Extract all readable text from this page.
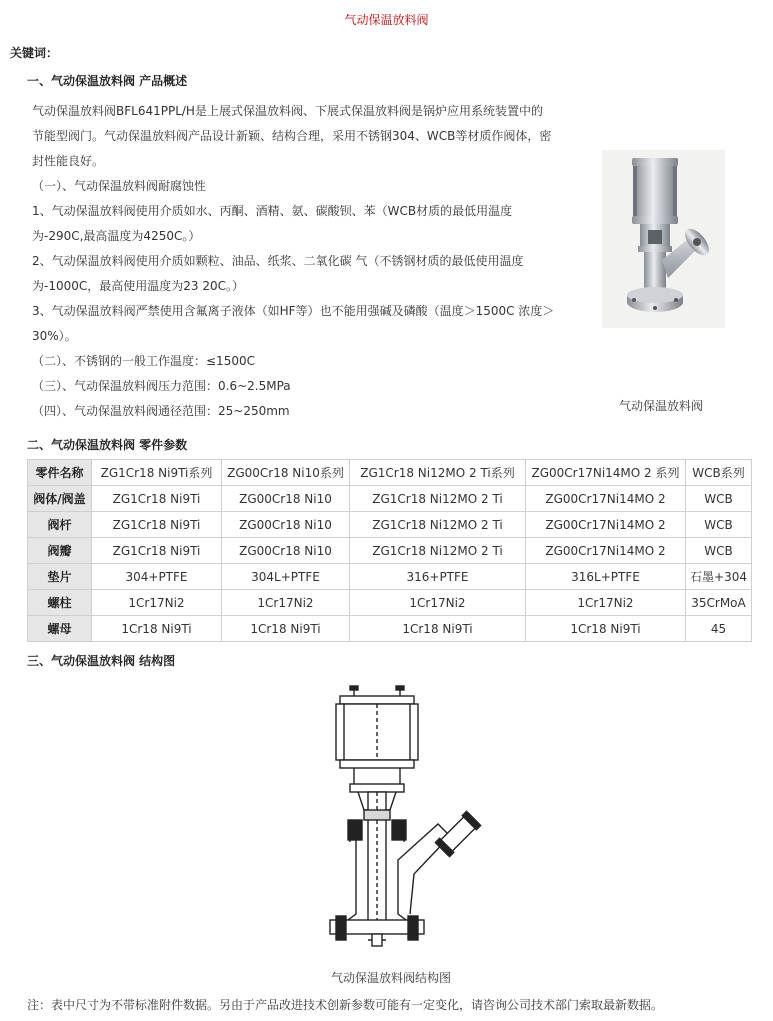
气动保温放料阀
关键词：
一、气动保温放料阀 产品概述
气动保温放料阀BFL641PPL/H是上展式保温放料阀、下展式保温放料阀是锅炉应用系统装置中的
节能型阀门。气动保温放料阀产品设计新颖、结构合理，采用不锈钢304、WCB等材质作阀体，密
封性能良好。
（一）、气动保温放料阀耐腐蚀性
1、气动保温放料阀使用介质如水、丙酮、酒精、氨、碳酸钡、苯（WCB材质的最低用温度
为-290C,最高温度为4250C。）
2、气动保温放料阀使用介质如颗粒、油品、纸浆、二氧化碳 气（不锈钢材质的最低使用温度
为-1000C，最高使用温度为23 20C。）
3、气动保温放料阀严禁使用含氟离子液体（如HF等）也不能用强碱及磷酸（温度＞1500C 浓度＞
30%）。
（二）、不锈钢的一般工作温度：≤1500C
（三）、气动保温放料阀压力范围：0.6~2.5MPa
（四）、气动保温放料阀通径范围：25~250mm	气动保温放料阀
二、气动保温放料阀 零件参数
零件名称	ZG1Cr18 Ni9Ti系列	ZG00Cr18 Ni10系列	ZG1Cr18 Ni12MO 2 Ti系列	ZG00Cr17Ni14MO 2 系列	WCB系列
阀体/阀盖	ZG1Cr18 Ni9Ti	ZG00Cr18 Ni10	ZG1Cr18 Ni12MO 2 Ti	ZG00Cr17Ni14MO 2	WCB
阀杆	ZG1Cr18 Ni9Ti	ZG00Cr18 Ni10	ZG1Cr18 Ni12MO 2 Ti	ZG00Cr17Ni14MO 2	WCB
阀瓣	ZG1Cr18 Ni9Ti	ZG00Cr18 Ni10	ZG1Cr18 Ni12MO 2 Ti	ZG00Cr17Ni14MO 2	WCB
垫片	304+PTFE	304L+PTFE	316+PTFE	316L+PTFE	石墨+304
螺柱	1Cr17Ni2	1Cr17Ni2	1Cr17Ni2	1Cr17Ni2	35CrMoA
螺母	1Cr18 Ni9Ti	1Cr18 Ni9Ti	1Cr18 Ni9Ti	1Cr18 Ni9Ti	45
三、气动保温放料阀 结构图
气动保温放料阀结构图
注：表中尺寸为不带标准附件数据。另由于产品改进技术创新参数可能有一定变化，请咨询公司技术部门索取最新数据。
